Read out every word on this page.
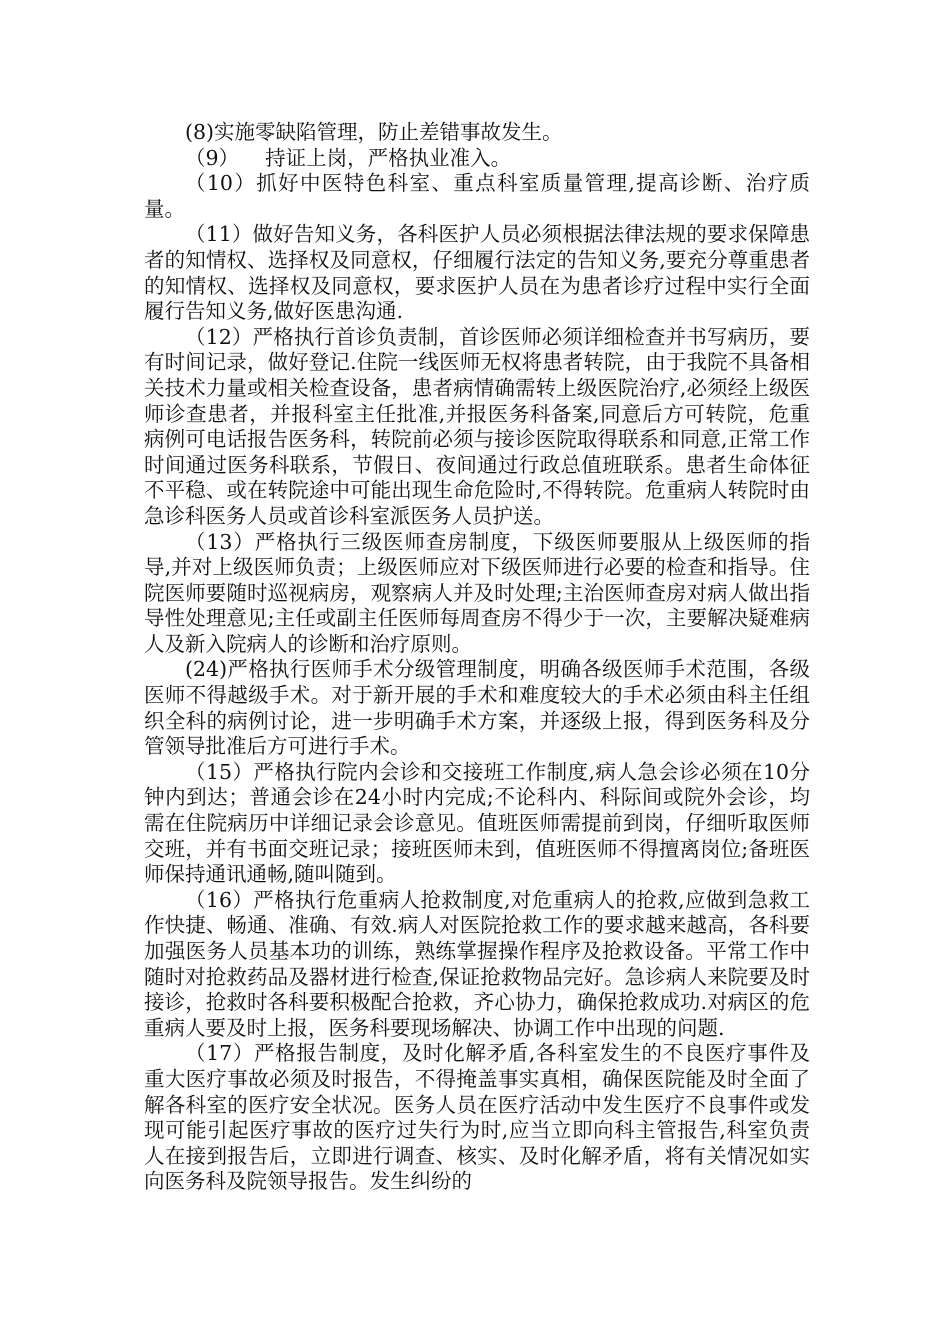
(8)实施零缺陷管理，防止差错事故发生。

（9）    持证上岗，严格执业准入。

（10）抓好中医特色科室、重点科室质量管理,提高诊断、治疗质量。

（11）做好告知义务，各科医护人员必须根据法律法规的要求保障患者的知情权、选择权及同意权，仔细履行法定的告知义务,要充分尊重患者的知情权、选择权及同意权，要求医护人员在为患者诊疗过程中实行全面履行告知义务,做好医患沟通.

（12）严格执行首诊负责制，首诊医师必须详细检查并书写病历，要有时间记录，做好登记.住院一线医师无权将患者转院，由于我院不具备相关技术力量或相关检查设备，患者病情确需转上级医院治疗,必须经上级医师诊查患者，并报科室主任批准,并报医务科备案,同意后方可转院，危重病例可电话报告医务科，转院前必须与接诊医院取得联系和同意,正常工作时间通过医务科联系，节假日、夜间通过行政总值班联系。患者生命体征不平稳、或在转院途中可能出现生命危险时,不得转院。危重病人转院时由急诊科医务人员或首诊科室派医务人员护送。

（13）严格执行三级医师查房制度，下级医师要服从上级医师的指导,并对上级医师负责；上级医师应对下级医师进行必要的检查和指导。住院医师要随时巡视病房，观察病人并及时处理;主治医师查房对病人做出指导性处理意见;主任或副主任医师每周查房不得少于一次，主要解决疑难病人及新入院病人的诊断和治疗原则。

(24)严格执行医师手术分级管理制度，明确各级医师手术范围，各级医师不得越级手术。对于新开展的手术和难度较大的手术必须由科主任组织全科的病例讨论，进一步明确手术方案，并逐级上报，得到医务科及分管领导批准后方可进行手术。

（15）严格执行院内会诊和交接班工作制度,病人急会诊必须在10分钟内到达；普通会诊在24小时内完成;不论科内、科际间或院外会诊，均需在住院病历中详细记录会诊意见。值班医师需提前到岗，仔细听取医师交班，并有书面交班记录；接班医师未到，值班医师不得擅离岗位;备班医师保持通讯通畅,随叫随到。

（16）严格执行危重病人抢救制度,对危重病人的抢救,应做到急救工作快捷、畅通、准确、有效.病人对医院抢救工作的要求越来越高，各科要加强医务人员基本功的训练，熟练掌握操作程序及抢救设备。平常工作中随时对抢救药品及器材进行检查,保证抢救物品完好。急诊病人来院要及时接诊，抢救时各科要积极配合抢救，齐心协力，确保抢救成功.对病区的危重病人要及时上报，医务科要现场解决、协调工作中出现的问题.

（17）严格报告制度，及时化解矛盾,各科室发生的不良医疗事件及重大医疗事故必须及时报告，不得掩盖事实真相，确保医院能及时全面了解各科室的医疗安全状况。医务人员在医疗活动中发生医疗不良事件或发现可能引起医疗事故的医疗过失行为时,应当立即向科主管报告,科室负责人在接到报告后，立即进行调查、核实、及时化解矛盾，将有关情况如实向医务科及院领导报告。发生纠纷的
